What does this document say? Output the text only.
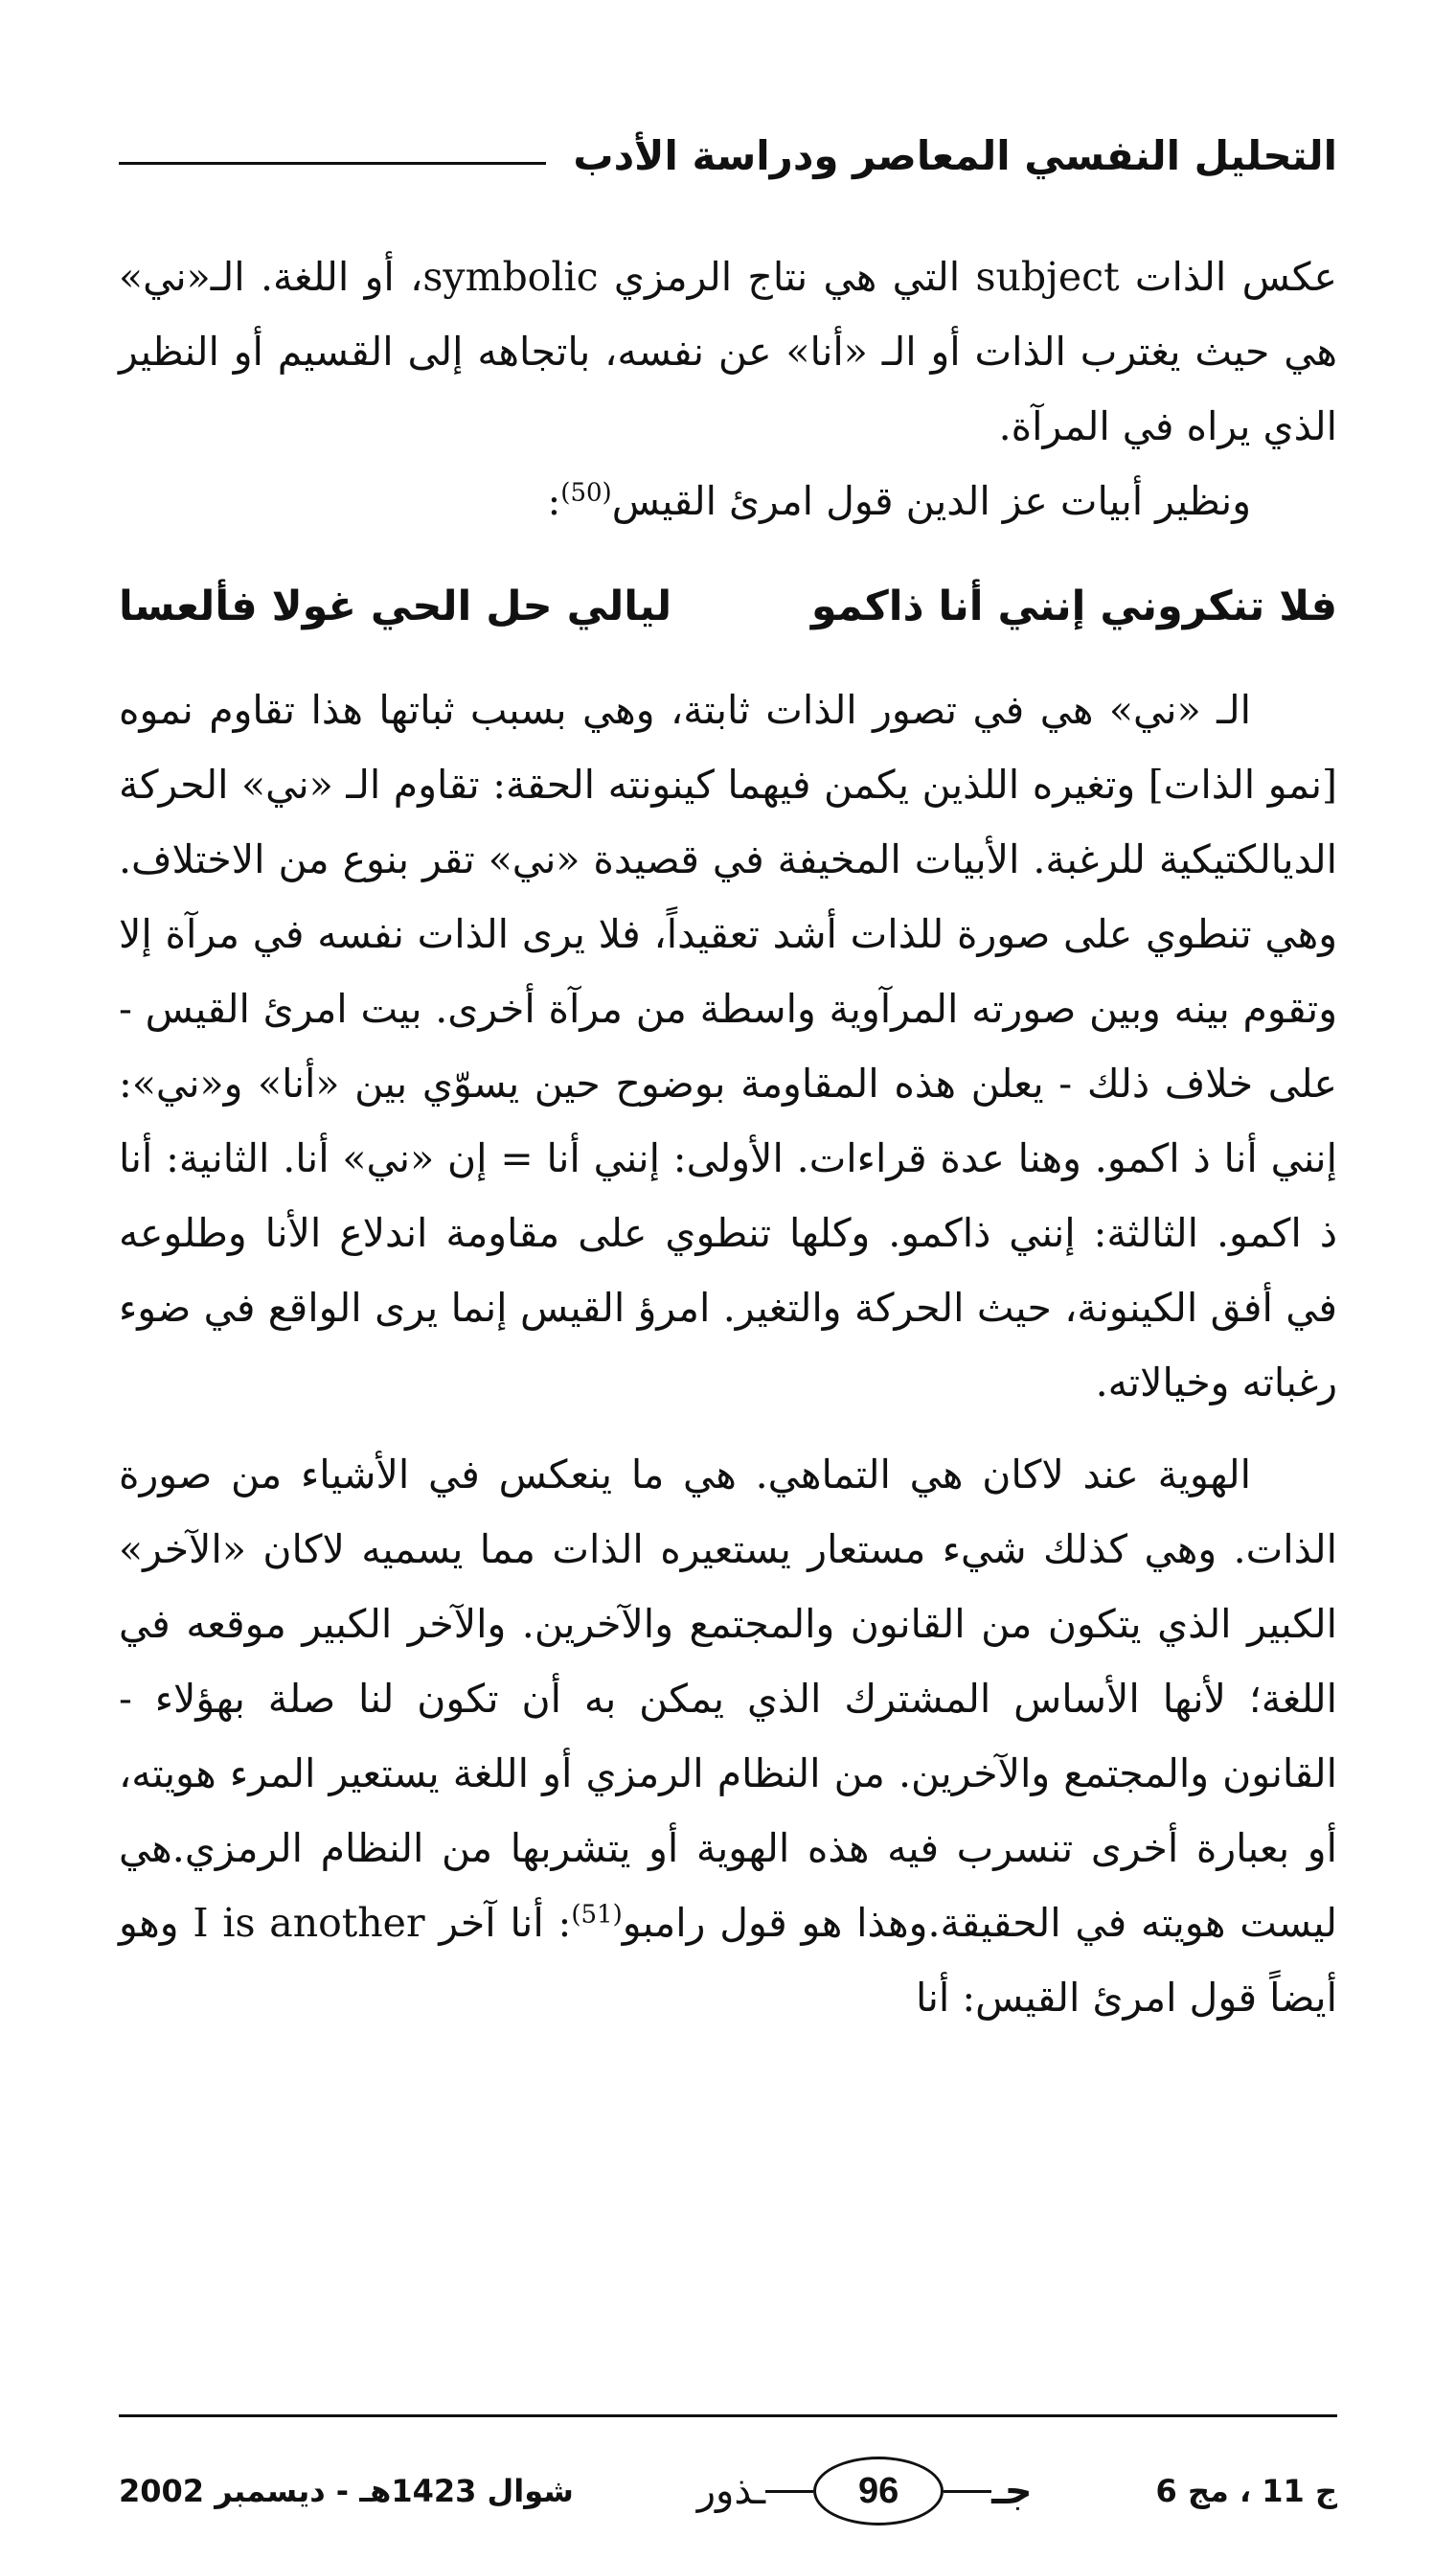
التحليل النفسي المعاصر ودراسة الأدب

عكس الذات subject التي هي نتاج الرمزي symbolic، أو اللغة. الـ«ني» هي حيث يغترب الذات أو الـ «أنا» عن نفسه، باتجاهه إلى القسيم أو النظير الذي يراه في المرآة.

ونظير أبيات عز الدين قول امرئ القيس$^{(50)}$:

فلا تنكروني إنني أنا ذاكمو
ليالي حل الحي غولا فألعسا

الـ «ني» هي في تصور الذات ثابتة، وهي بسبب ثباتها هذا تقاوم نموه [نمو الذات] وتغيره اللذين يكمن فيهما كينونته الحقة: تقاوم الـ «ني» الحركة الديالكتيكية للرغبة. الأبيات المخيفة في قصيدة «ني» تقر بنوع من الاختلاف. وهي تنطوي على صورة للذات أشد تعقيداً، فلا يرى الذات نفسه في مرآة إلا وتقوم بينه وبين صورته المرآوية واسطة من مرآة أخرى. بيت امرئ القيس - على خلاف ذلك - يعلن هذه المقاومة بوضوح حين يسوّي بين «أنا» و«ني»: إنني أنا ذ اكمو. وهنا عدة قراءات. الأولى: إنني أنا = إن «ني» أنا. الثانية: أنا ذ اكمو. الثالثة: إنني ذاكمو. وكلها تنطوي على مقاومة اندلاع الأنا وطلوعه في أفق الكينونة، حيث الحركة والتغير. امرؤ القيس إنما يرى الواقع في ضوء رغباته وخيالاته.

الهوية عند لاكان هي التماهي. هي ما ينعكس في الأشياء من صورة الذات. وهي كذلك شيء مستعار يستعيره الذات مما يسميه لاكان «الآخر» الكبير الذي يتكون من القانون والمجتمع والآخرين. والآخر الكبير موقعه في اللغة؛ لأنها الأساس المشترك الذي يمكن به أن تكون لنا صلة بهؤلاء - القانون والمجتمع والآخرين. من النظام الرمزي أو اللغة يستعير المرء هويته، أو بعبارة أخرى تنسرب فيه هذه الهوية أو يتشربها من النظام الرمزي.هي ليست هويته في الحقيقة.وهذا هو قول رامبو$^{(51)}$: أنا آخر I is another وهو أيضاً قول امرئ القيس: أنا

ج 11 ، مج 6
جـ
96
ـذور
شوال 1423هـ - ديسمبر 2002
